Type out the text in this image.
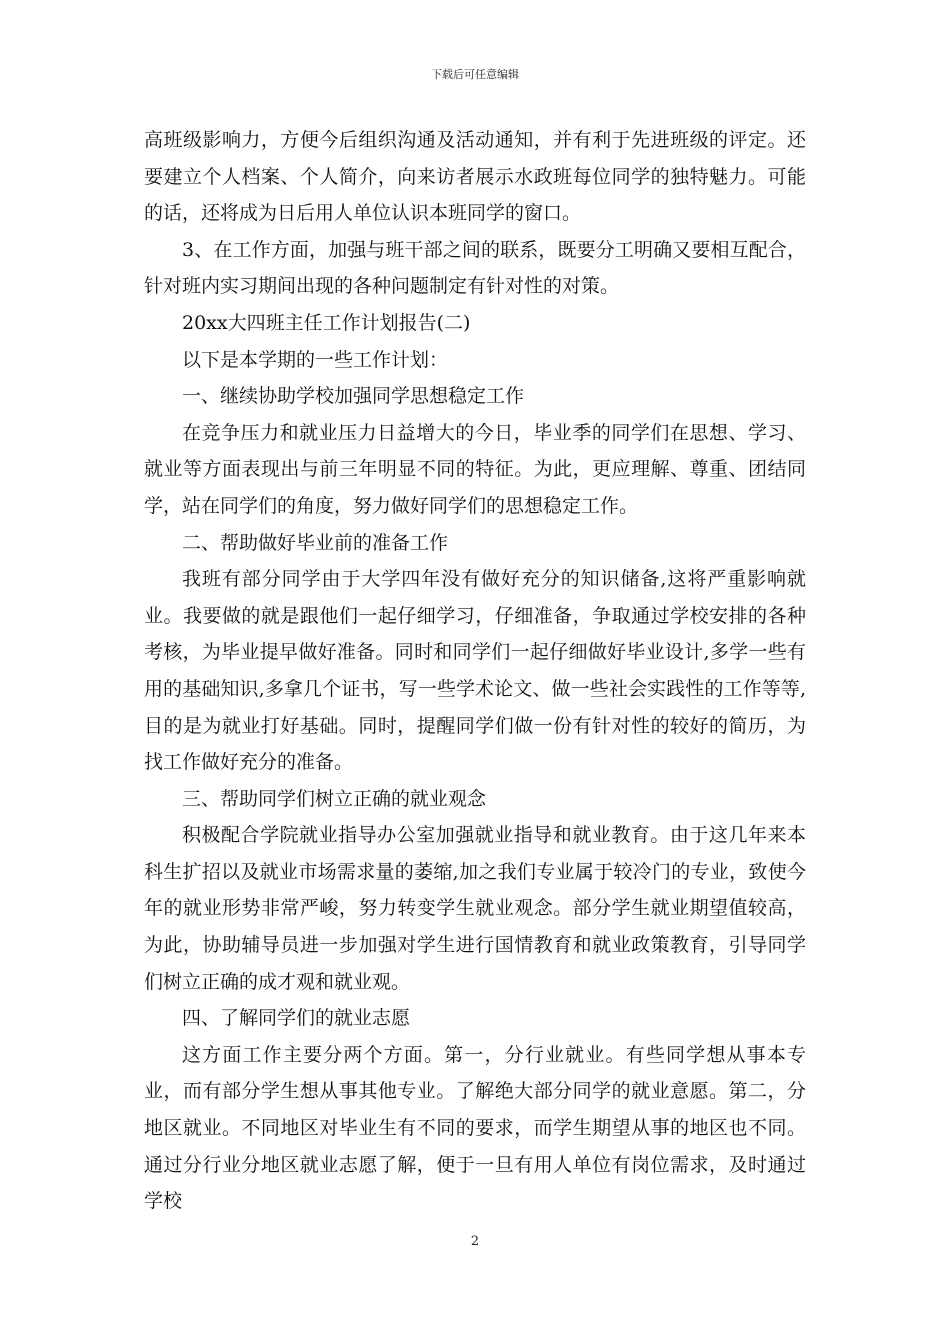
下载后可任意编辑

高班级影响力，方便今后组织沟通及活动通知，并有利于先进班级的评定。还要建立个人档案、个人简介，向来访者展示水政班每位同学的独特魅力。可能的话，还将成为日后用人单位认识本班同学的窗口。

3、在工作方面，加强与班干部之间的联系，既要分工明确又要相互配合，针对班内实习期间出现的各种问题制定有针对性的对策。

20xx大四班主任工作计划报告(二)

以下是本学期的一些工作计划：

一、继续协助学校加强同学思想稳定工作

在竞争压力和就业压力日益增大的今日，毕业季的同学们在思想、学习、就业等方面表现出与前三年明显不同的特征。为此，更应理解、尊重、团结同学，站在同学们的角度，努力做好同学们的思想稳定工作。

二、帮助做好毕业前的准备工作

我班有部分同学由于大学四年没有做好充分的知识储备,这将严重影响就业。我要做的就是跟他们一起仔细学习，仔细准备，争取通过学校安排的各种考核，为毕业提早做好准备。同时和同学们一起仔细做好毕业设计,多学一些有用的基础知识,多拿几个证书，写一些学术论文、做一些社会实践性的工作等等,目的是为就业打好基础。同时，提醒同学们做一份有针对性的较好的简历，为找工作做好充分的准备。

三、帮助同学们树立正确的就业观念

积极配合学院就业指导办公室加强就业指导和就业教育。由于这几年来本科生扩招以及就业市场需求量的萎缩,加之我们专业属于较冷门的专业，致使今年的就业形势非常严峻，努力转变学生就业观念。部分学生就业期望值较高，为此，协助辅导员进一步加强对学生进行国情教育和就业政策教育，引导同学们树立正确的成才观和就业观。

四、了解同学们的就业志愿

这方面工作主要分两个方面。第一，分行业就业。有些同学想从事本专业，而有部分学生想从事其他专业。了解绝大部分同学的就业意愿。第二，分地区就业。不同地区对毕业生有不同的要求，而学生期望从事的地区也不同。通过分行业分地区就业志愿了解，便于一旦有用人单位有岗位需求，及时通过学校

2
